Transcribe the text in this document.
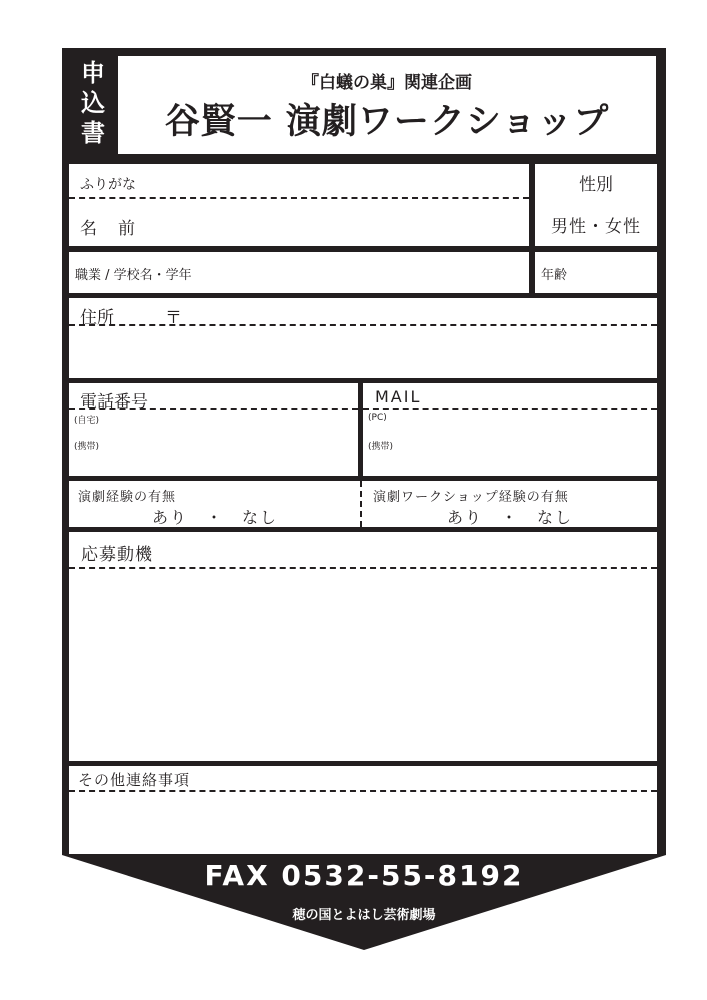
申
込
書
『白蟻の巣』関連企画
谷賢一 演劇ワークショップ
ふりがな
名　前
性別
男性・女性
職業 / 学校名・学年	年齢
住所	〒
電話番号
(自宅)
(携帯)
MAIL
(PC)
(携帯)
演劇経験の有無
あり　・　なし
演劇ワークショップ経験の有無
あり　・　なし
応募動機
その他連絡事項
FAX 0532-55-8192
穂の国とよはし芸術劇場
